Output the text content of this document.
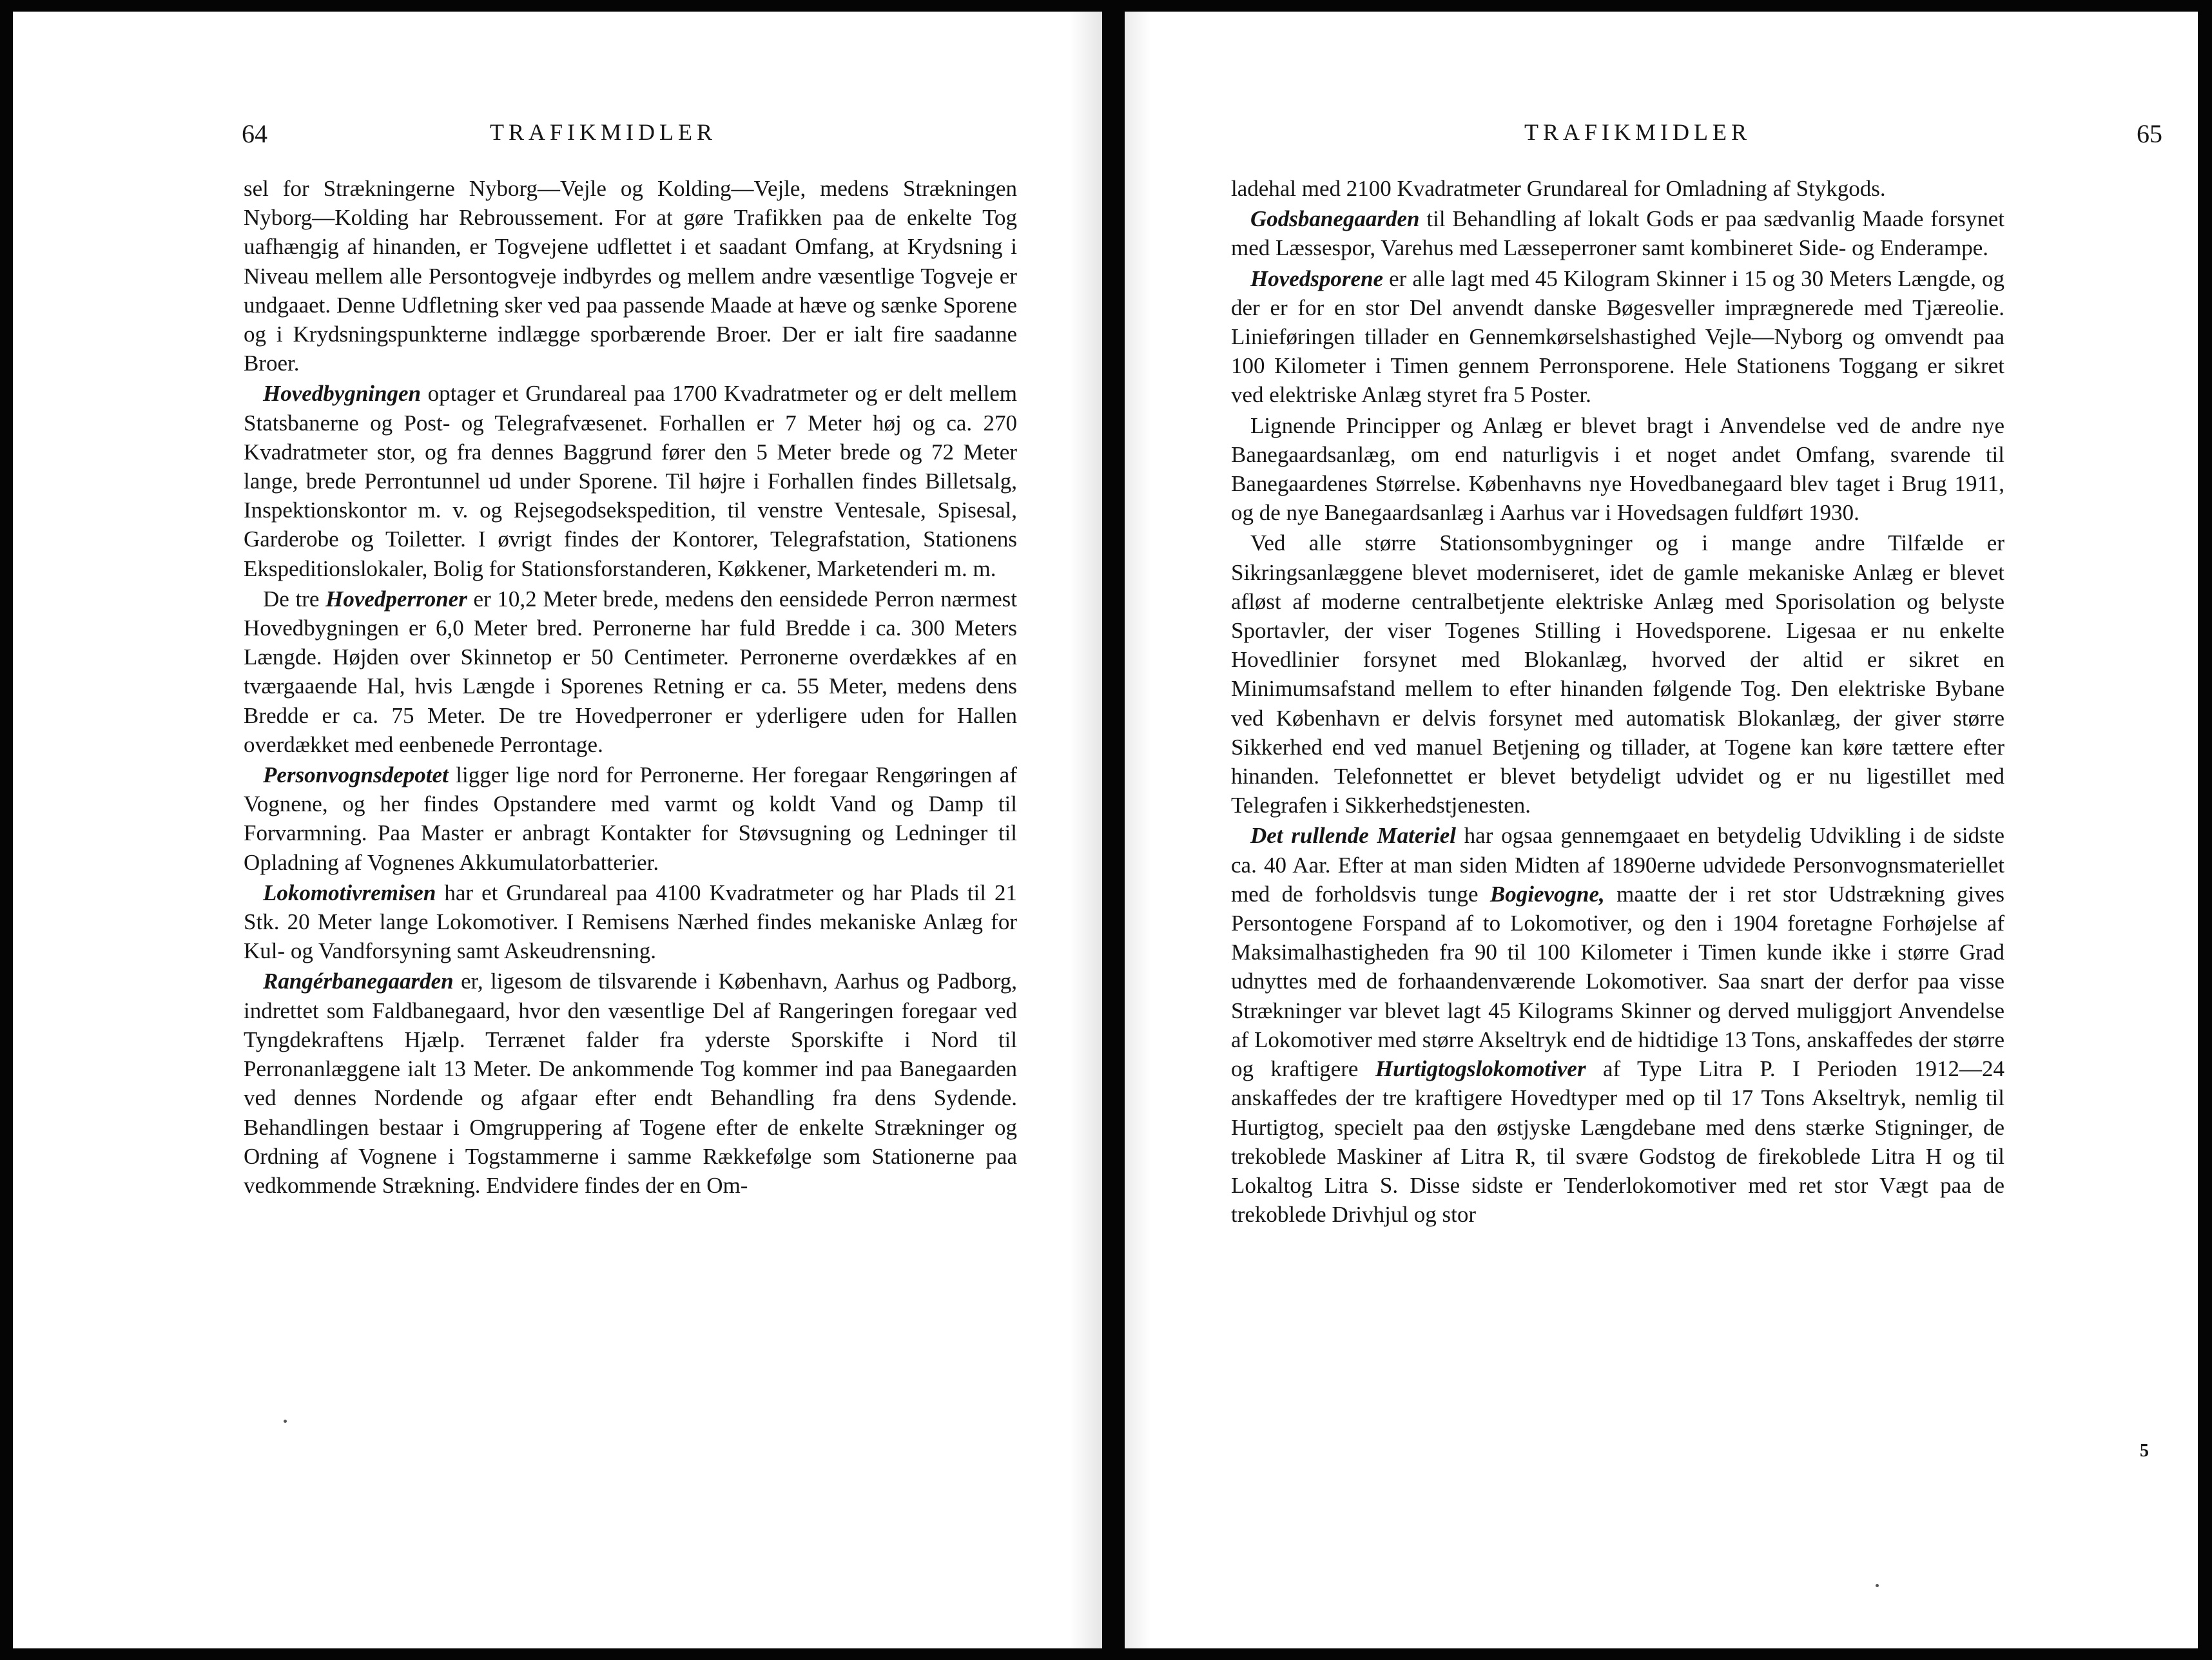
64	TRAFIKMIDLER

sel for Strækningerne Nyborg—Vejle og Kolding—Vejle, medens Strækningen Nyborg—Kolding har Rebroussement. For at gøre Trafikken paa de enkelte Tog uafhængig af hinanden, er Togvejene udflettet i et saadant Omfang, at Krydsning i Niveau mellem alle Persontogveje indbyrdes og mellem andre væsentlige Togveje er undgaaet. Denne Udfletning sker ved paa passende Maade at hæve og sænke Sporene og i Krydsningspunkterne indlægge sporbærende Broer. Der er ialt fire saadanne Broer.

Hovedbygningen optager et Grundareal paa 1700 Kvadratmeter og er delt mellem Statsbanerne og Post- og Telegrafvæsenet. Forhallen er 7 Meter høj og ca. 270 Kvadratmeter stor, og fra dennes Baggrund fører den 5 Meter brede og 72 Meter lange, brede Perrontunnel ud under Sporene. Til højre i Forhallen findes Billetsalg, Inspektionskontor m. v. og Rejsegodsekspedition, til venstre Ventesale, Spisesal, Garderobe og Toiletter. I øvrigt findes der Kontorer, Telegrafstation, Stationens Ekspeditionslokaler, Bolig for Stationsforstanderen, Køkkener, Marketenderi m. m.

De tre Hovedperroner er 10,2 Meter brede, medens den eensidede Perron nærmest Hovedbygningen er 6,0 Meter bred. Perronerne har fuld Bredde i ca. 300 Meters Længde. Højden over Skinnetop er 50 Centimeter. Perronerne overdækkes af en tværgaaende Hal, hvis Længde i Sporenes Retning er ca. 55 Meter, medens dens Bredde er ca. 75 Meter. De tre Hovedperroner er yderligere uden for Hallen overdækket med eenbenede Perrontage.

Personvognsdepotet ligger lige nord for Perronerne. Her foregaar Rengøringen af Vognene, og her findes Opstandere med varmt og koldt Vand og Damp til Forvarmning. Paa Master er anbragt Kontakter for Støvsugning og Ledninger til Opladning af Vognenes Akkumulatorbatterier.

Lokomotivremisen har et Grundareal paa 4100 Kvadratmeter og har Plads til 21 Stk. 20 Meter lange Lokomotiver. I Remisens Nærhed findes mekaniske Anlæg for Kul- og Vandforsyning samt Askeudrensning.

Rangérbanegaarden er, ligesom de tilsvarende i København, Aarhus og Padborg, indrettet som Faldbanegaard, hvor den væsentlige Del af Rangeringen foregaar ved Tyngdekraftens Hjælp. Terrænet falder fra yderste Sporskifte i Nord til Perronanlæggene ialt 13 Meter. De ankommende Tog kommer ind paa Banegaarden ved dennes Nordende og afgaar efter endt Behandling fra dens Sydende. Behandlingen bestaar i Omgruppering af Togene efter de enkelte Strækninger og Ordning af Vognene i Togstammerne i samme Rækkefølge som Stationerne paa vedkommende Strækning. Endvidere findes der en Om-

65
TRAFIKMIDLER

ladehal med 2100 Kvadratmeter Grundareal for Omladning af Stykgods.

Godsbanegaarden til Behandling af lokalt Gods er paa sædvanlig Maade forsynet med Læssespor, Varehus med Læsseperroner samt kombineret Side- og Enderampe.

Hovedsporene er alle lagt med 45 Kilogram Skinner i 15 og 30 Meters Længde, og der er for en stor Del anvendt danske Bøgesveller imprægnerede med Tjæreolie. Linieføringen tillader en Gennemkørselshastighed Vejle—Nyborg og omvendt paa 100 Kilometer i Timen gennem Perronsporene. Hele Stationens Toggang er sikret ved elektriske Anlæg styret fra 5 Poster.

Lignende Principper og Anlæg er blevet bragt i Anvendelse ved de andre nye Banegaardsanlæg, om end naturligvis i et noget andet Omfang, svarende til Banegaardenes Størrelse. Københavns nye Hovedbanegaard blev taget i Brug 1911, og de nye Banegaardsanlæg i Aarhus var i Hovedsagen fuldført 1930.

Ved alle større Stationsombygninger og i mange andre Tilfælde er Sikringsanlæggene blevet moderniseret, idet de gamle mekaniske Anlæg er blevet afløst af moderne centralbetjente elektriske Anlæg med Sporisolation og belyste Sportavler, der viser Togenes Stilling i Hovedsporene. Ligesaa er nu enkelte Hovedlinier forsynet med Blokanlæg, hvorved der altid er sikret en Minimumsafstand mellem to efter hinanden følgende Tog. Den elektriske Bybane ved København er delvis forsynet med automatisk Blokanlæg, der giver større Sikkerhed end ved manuel Betjening og tillader, at Togene kan køre tættere efter hinanden. Telefonnettet er blevet betydeligt udvidet og er nu ligestillet med Telegrafen i Sikkerhedstjenesten.

Det rullende Materiel har ogsaa gennemgaaet en betydelig Udvikling i de sidste ca. 40 Aar. Efter at man siden Midten af 1890erne udvidede Personvognsmateriellet med de forholdsvis tunge Bogievogne, maatte der i ret stor Udstrækning gives Persontogene Forspand af to Lokomotiver, og den i 1904 foretagne Forhøjelse af Maksimalhastigheden fra 90 til 100 Kilometer i Timen kunde ikke i større Grad udnyttes med de forhaandenværende Lokomotiver. Saa snart der derfor paa visse Strækninger var blevet lagt 45 Kilograms Skinner og derved muliggjort Anvendelse af Lokomotiver med større Akseltryk end de hidtidige 13 Tons, anskaffedes der større og kraftigere Hurtigtogslokomotiver af Type Litra P. I Perioden 1912—24 anskaffedes der tre kraftigere Hovedtyper med op til 17 Tons Akseltryk, nemlig til Hurtigtog, specielt paa den østjyske Længdebane med dens stærke Stigninger, de trekoblede Maskiner af Litra R, til svære Godstog de firekoblede Litra H og til Lokaltog Litra S. Disse sidste er Tenderlokomotiver med ret stor Vægt paa de trekoblede Drivhjul og stor

5
